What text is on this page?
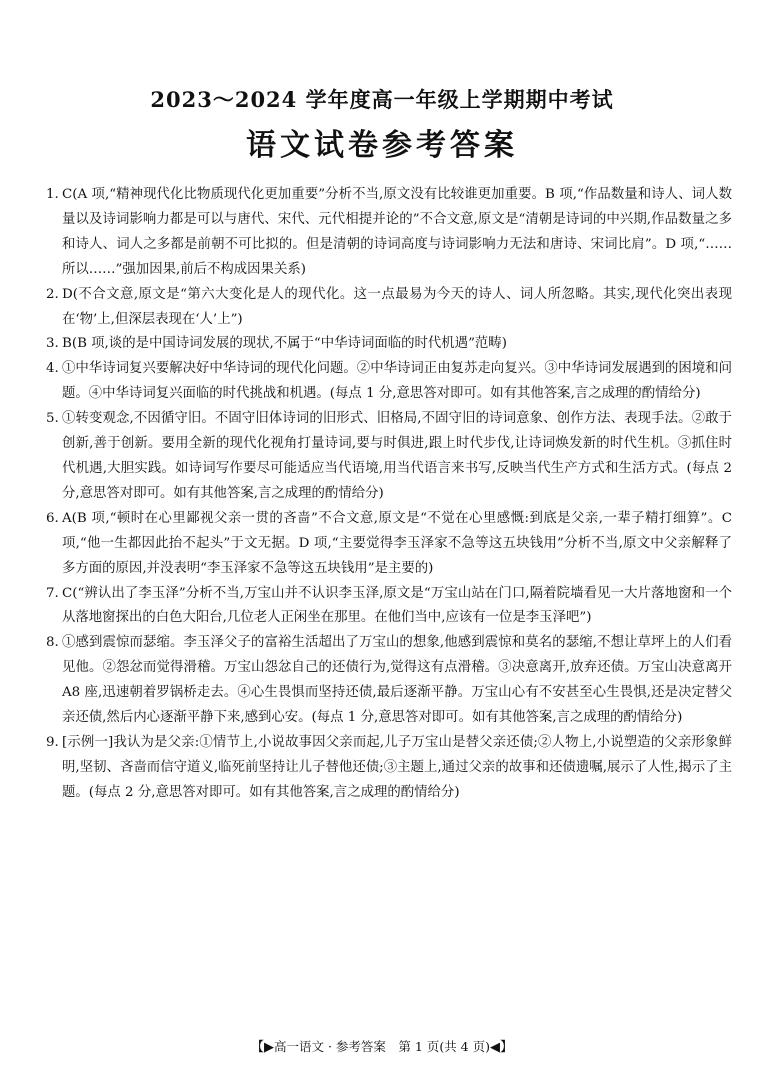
2023～2024 学年度高一年级上学期期中考试
语文试卷参考答案
1. C(A 项,“精神现代化比物质现代化更加重要”分析不当,原文没有比较谁更加重要。B 项,“作品数量和诗人、词人数量以及诗词影响力都是可以与唐代、宋代、元代相提并论的”不合文意,原文是“清朝是诗词的中兴期,作品数量之多和诗人、词人之多都是前朝不可比拟的。但是清朝的诗词高度与诗词影响力无法和唐诗、宋词比肩”。D 项,“……所以……”强加因果,前后不构成因果关系)
2. D(不合文意,原文是“第六大变化是人的现代化。这一点最易为今天的诗人、词人所忽略。其实,现代化突出表现在‘物’上,但深层表现在‘人’上”)
3. B(B 项,谈的是中国诗词发展的现状,不属于“中华诗词面临的时代机遇”范畴)
4. ①中华诗词复兴要解决好中华诗词的现代化问题。②中华诗词正由复苏走向复兴。③中华诗词发展遇到的困境和问题。④中华诗词复兴面临的时代挑战和机遇。(每点 1 分,意思答对即可。如有其他答案,言之成理的酌情给分)
5. ①转变观念,不因循守旧。不固守旧体诗词的旧形式、旧格局,不固守旧的诗词意象、创作方法、表现手法。②敢于创新,善于创新。要用全新的现代化视角打量诗词,要与时俱进,跟上时代步伐,让诗词焕发新的时代生机。③抓住时代机遇,大胆实践。如诗词写作要尽可能适应当代语境,用当代语言来书写,反映当代生产方式和生活方式。(每点 2 分,意思答对即可。如有其他答案,言之成理的酌情给分)
6. A(B 项,“顿时在心里鄙视父亲一贯的吝啬”不合文意,原文是“不觉在心里感慨:到底是父亲,一辈子精打细算”。C 项,“他一生都因此抬不起头”于文无据。D 项,“主要觉得李玉泽家不急等这五块钱用”分析不当,原文中父亲解释了多方面的原因,并没表明“李玉泽家不急等这五块钱用”是主要的)
7. C(“辨认出了李玉泽”分析不当,万宝山并不认识李玉泽,原文是“万宝山站在门口,隔着院墙看见一大片落地窗和一个从落地窗探出的白色大阳台,几位老人正闲坐在那里。在他们当中,应该有一位是李玉泽吧”)
8. ①感到震惊而瑟缩。李玉泽父子的富裕生活超出了万宝山的想象,他感到震惊和莫名的瑟缩,不想让草坪上的人们看见他。②怨忿而觉得滑稽。万宝山怨忿自己的还债行为,觉得这有点滑稽。③决意离开,放弃还债。万宝山决意离开 A8 座,迅速朝着罗锅桥走去。④心生畏惧而坚持还债,最后逐渐平静。万宝山心有不安甚至心生畏惧,还是决定替父亲还债,然后内心逐渐平静下来,感到心安。(每点 1 分,意思答对即可。如有其他答案,言之成理的酌情给分)
9. [示例一]我认为是父亲:①情节上,小说故事因父亲而起,儿子万宝山是替父亲还债;②人物上,小说塑造的父亲形象鲜明,坚韧、吝啬而信守道义,临死前坚持让儿子替他还债;③主题上,通过父亲的故事和还债遗嘱,展示了人性,揭示了主题。(每点 2 分,意思答对即可。如有其他答案,言之成理的酌情给分)
【▶高一语文 · 参考答案　第 1 页(共 4 页)◀】
